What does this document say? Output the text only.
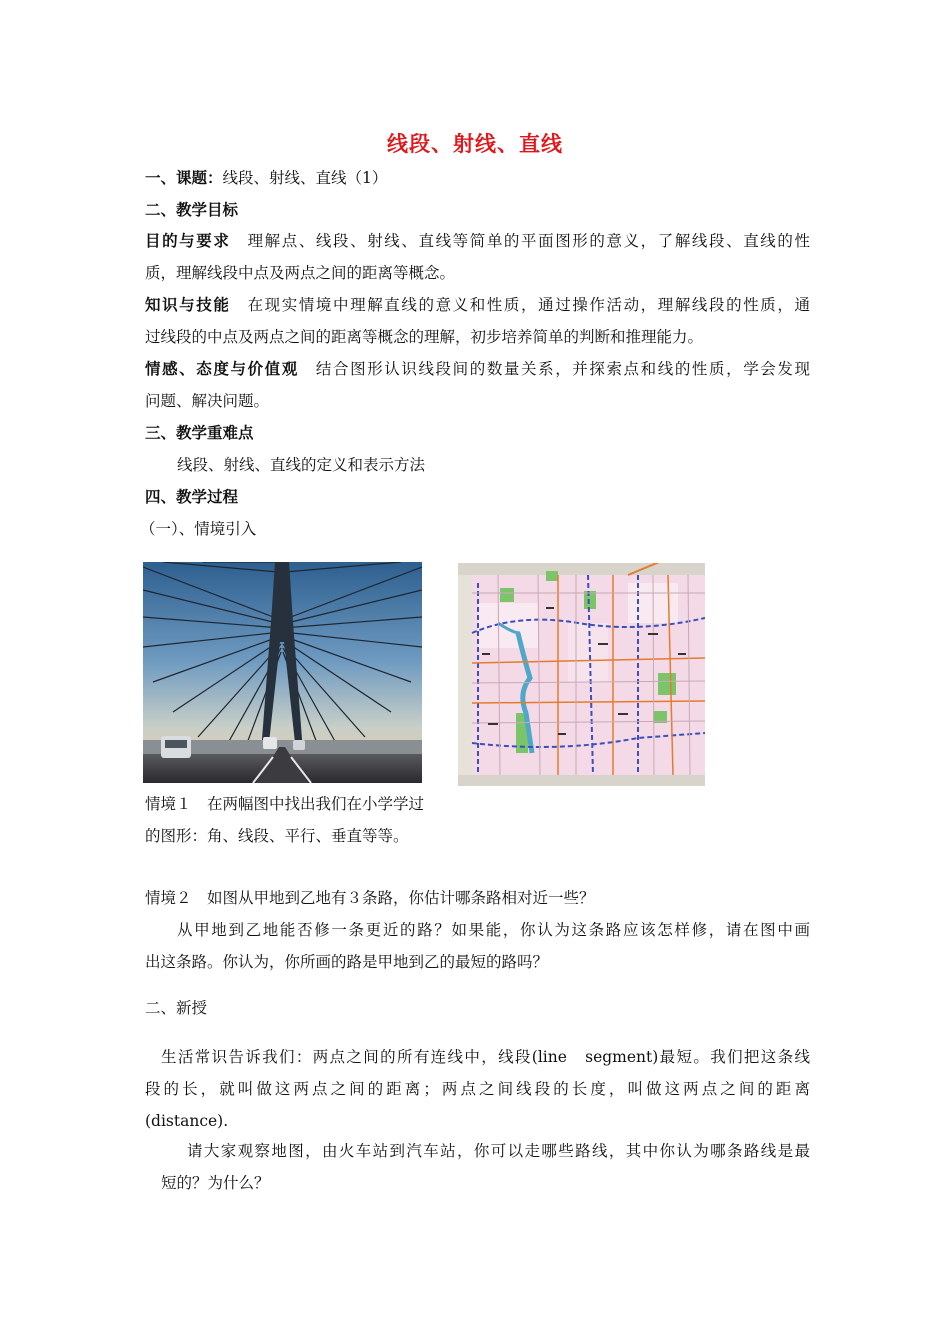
线段、射线、直线
一、课题：线段、射线、直线（1）
二、教学目标
目的与要求　 理解点、线段、射线、直线等简单的平面图形的意义，了解线段、直线的性
质，理解线段中点及两点之间的距离等概念。
知识与技能　 在现实情境中理解直线的意义和性质，通过操作活动，理解线段的性质，通
过线段的中点及两点之间的距离等概念的理解，初步培养简单的判断和推理能力。
情感、态度与价值观　 结合图形认识线段间的数量关系，并探索点和线的性质，学会发现
问题、解决问题。
三、教学重难点
线段、射线、直线的定义和表示方法
四、教学过程
（一）、情境引入
情境１　在两幅图中找出我们在小学学过
的图形：角、线段、平行、垂直等等。
情境２　如图从甲地到乙地有３条路，你估计哪条路相对近一些？
从甲地到乙地能否修一条更近的路？如果能，你认为这条路应该怎样修，请在图中画
出这条路。你认为，你所画的路是甲地到乙的最短的路吗？
二、新授
生活常识告诉我们：两点之间的所有连线中，线段(line　segment)最短。我们把这条线
段的长，就叫做这两点之间的距离；两点之间线段的长度，叫做这两点之间的距离
(distance).
请大家观察地图，由火车站到汽车站，你可以走哪些路线，其中你认为哪条路线是最
短的？为什么？
